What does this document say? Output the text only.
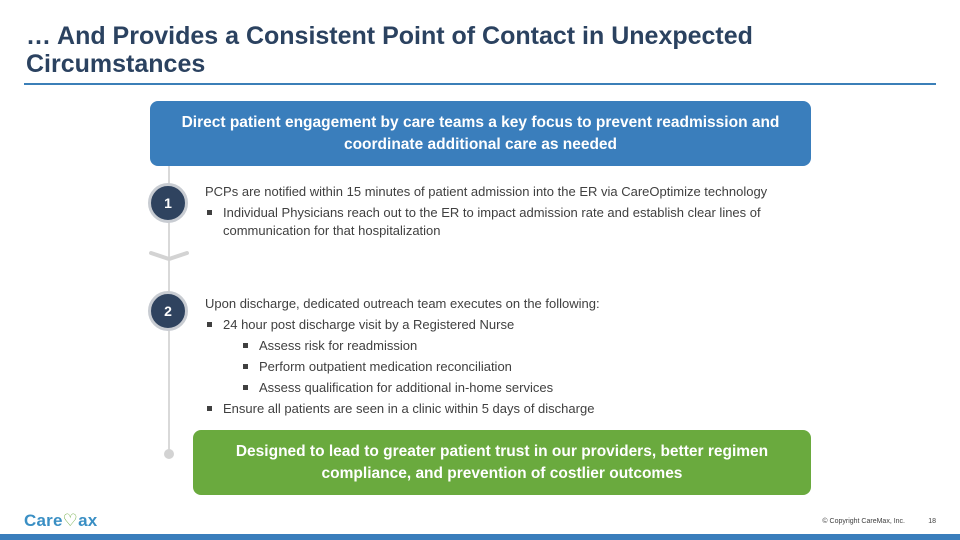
… And Provides a Consistent Point of Contact in Unexpected Circumstances
Direct patient engagement by care teams a key focus to prevent readmission and coordinate additional care as needed
1

PCPs are notified within 15 minutes of patient admission into the ER via CareOptimize technology

Individual Physicians reach out to the ER to impact admission rate and establish clear lines of communication for that hospitalization
2	Upon discharge, dedicated outreach team executes on the following:

24 hour post discharge visit by a Registered Nurse
Assess risk for readmission
Perform outpatient medication reconciliation
Assess qualification for additional in-home services
Ensure all patients are seen in a clinic within 5 days of discharge
Designed to lead to greater patient trust in our providers, better regimen compliance, and prevention of costlier outcomes
Care ♡ ax	© Copyright CareMax, Inc.	18
